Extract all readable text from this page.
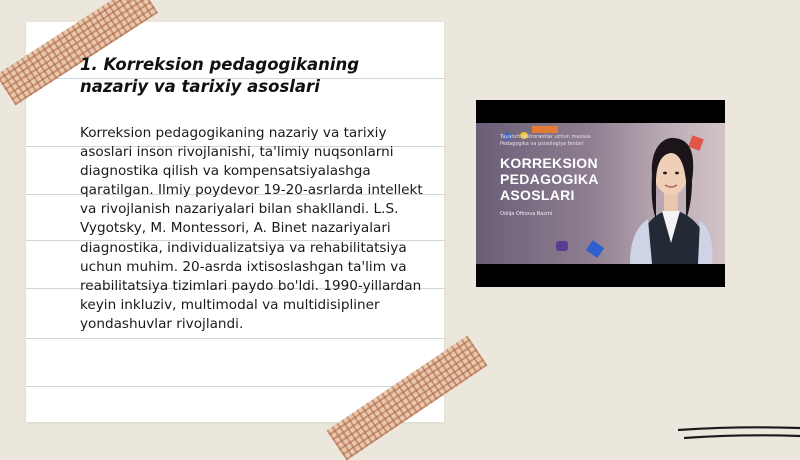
1. Korreksion pedagogikaning nazariy va tarixiy asoslari

Korreksion pedagogikaning nazariy va tarixiy asoslari inson rivojlanishi, ta'limiy nuqsonlarni diagnostika qilish va kompensatsiyalashga qaratilgan. Ilmiy poydevor 19-20-asrlarda intellekt va rivojlanish nazariyalari bilan shakllandi. L.S. Vygotsky, M. Montessori, A. Binet nazariyalari diagnostika, individualizatsiya va rehabilitatsiya uchun muhim. 20-asrda ixtisoslashgan ta'lim va reabilitatsiya tizimlari paydo bo'ldi. 1990-yillardan keyin inkluziv, multimodal va multidisipliner yondashuvlar rivojlandi.

Tayanch doktorantlar uchun maxsus Pedagogika va psixologiya fanlari
KORREKSION PEDAGOGIKA ASOSLARI
Odilja Ofinova Basmi
